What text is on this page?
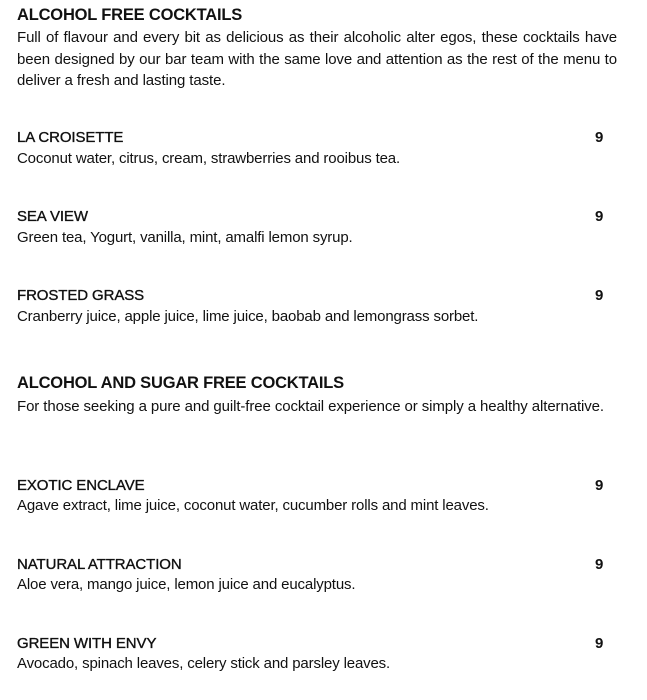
ALCOHOL FREE COCKTAILS
Full of flavour and every bit as delicious as their alcoholic alter egos, these cocktails have been designed by our bar team with the same love and attention as the rest of the menu to deliver a fresh and lasting taste.
LA CROISETTE	9
Coconut water, citrus, cream, strawberries and rooibus tea.
SEA VIEW	9
Green tea, Yogurt, vanilla, mint, amalfi lemon syrup.
FROSTED GRASS	9
Cranberry juice, apple juice, lime juice, baobab and lemongrass sorbet.
ALCOHOL AND SUGAR FREE COCKTAILS
For those seeking a pure and guilt-free cocktail experience or simply a healthy alternative.
EXOTIC ENCLAVE	9
Agave extract, lime juice, coconut water, cucumber rolls and mint leaves.
NATURAL ATTRACTION	9
Aloe vera, mango juice, lemon juice and eucalyptus.
GREEN WITH ENVY	9
Avocado, spinach leaves, celery stick and parsley leaves.
